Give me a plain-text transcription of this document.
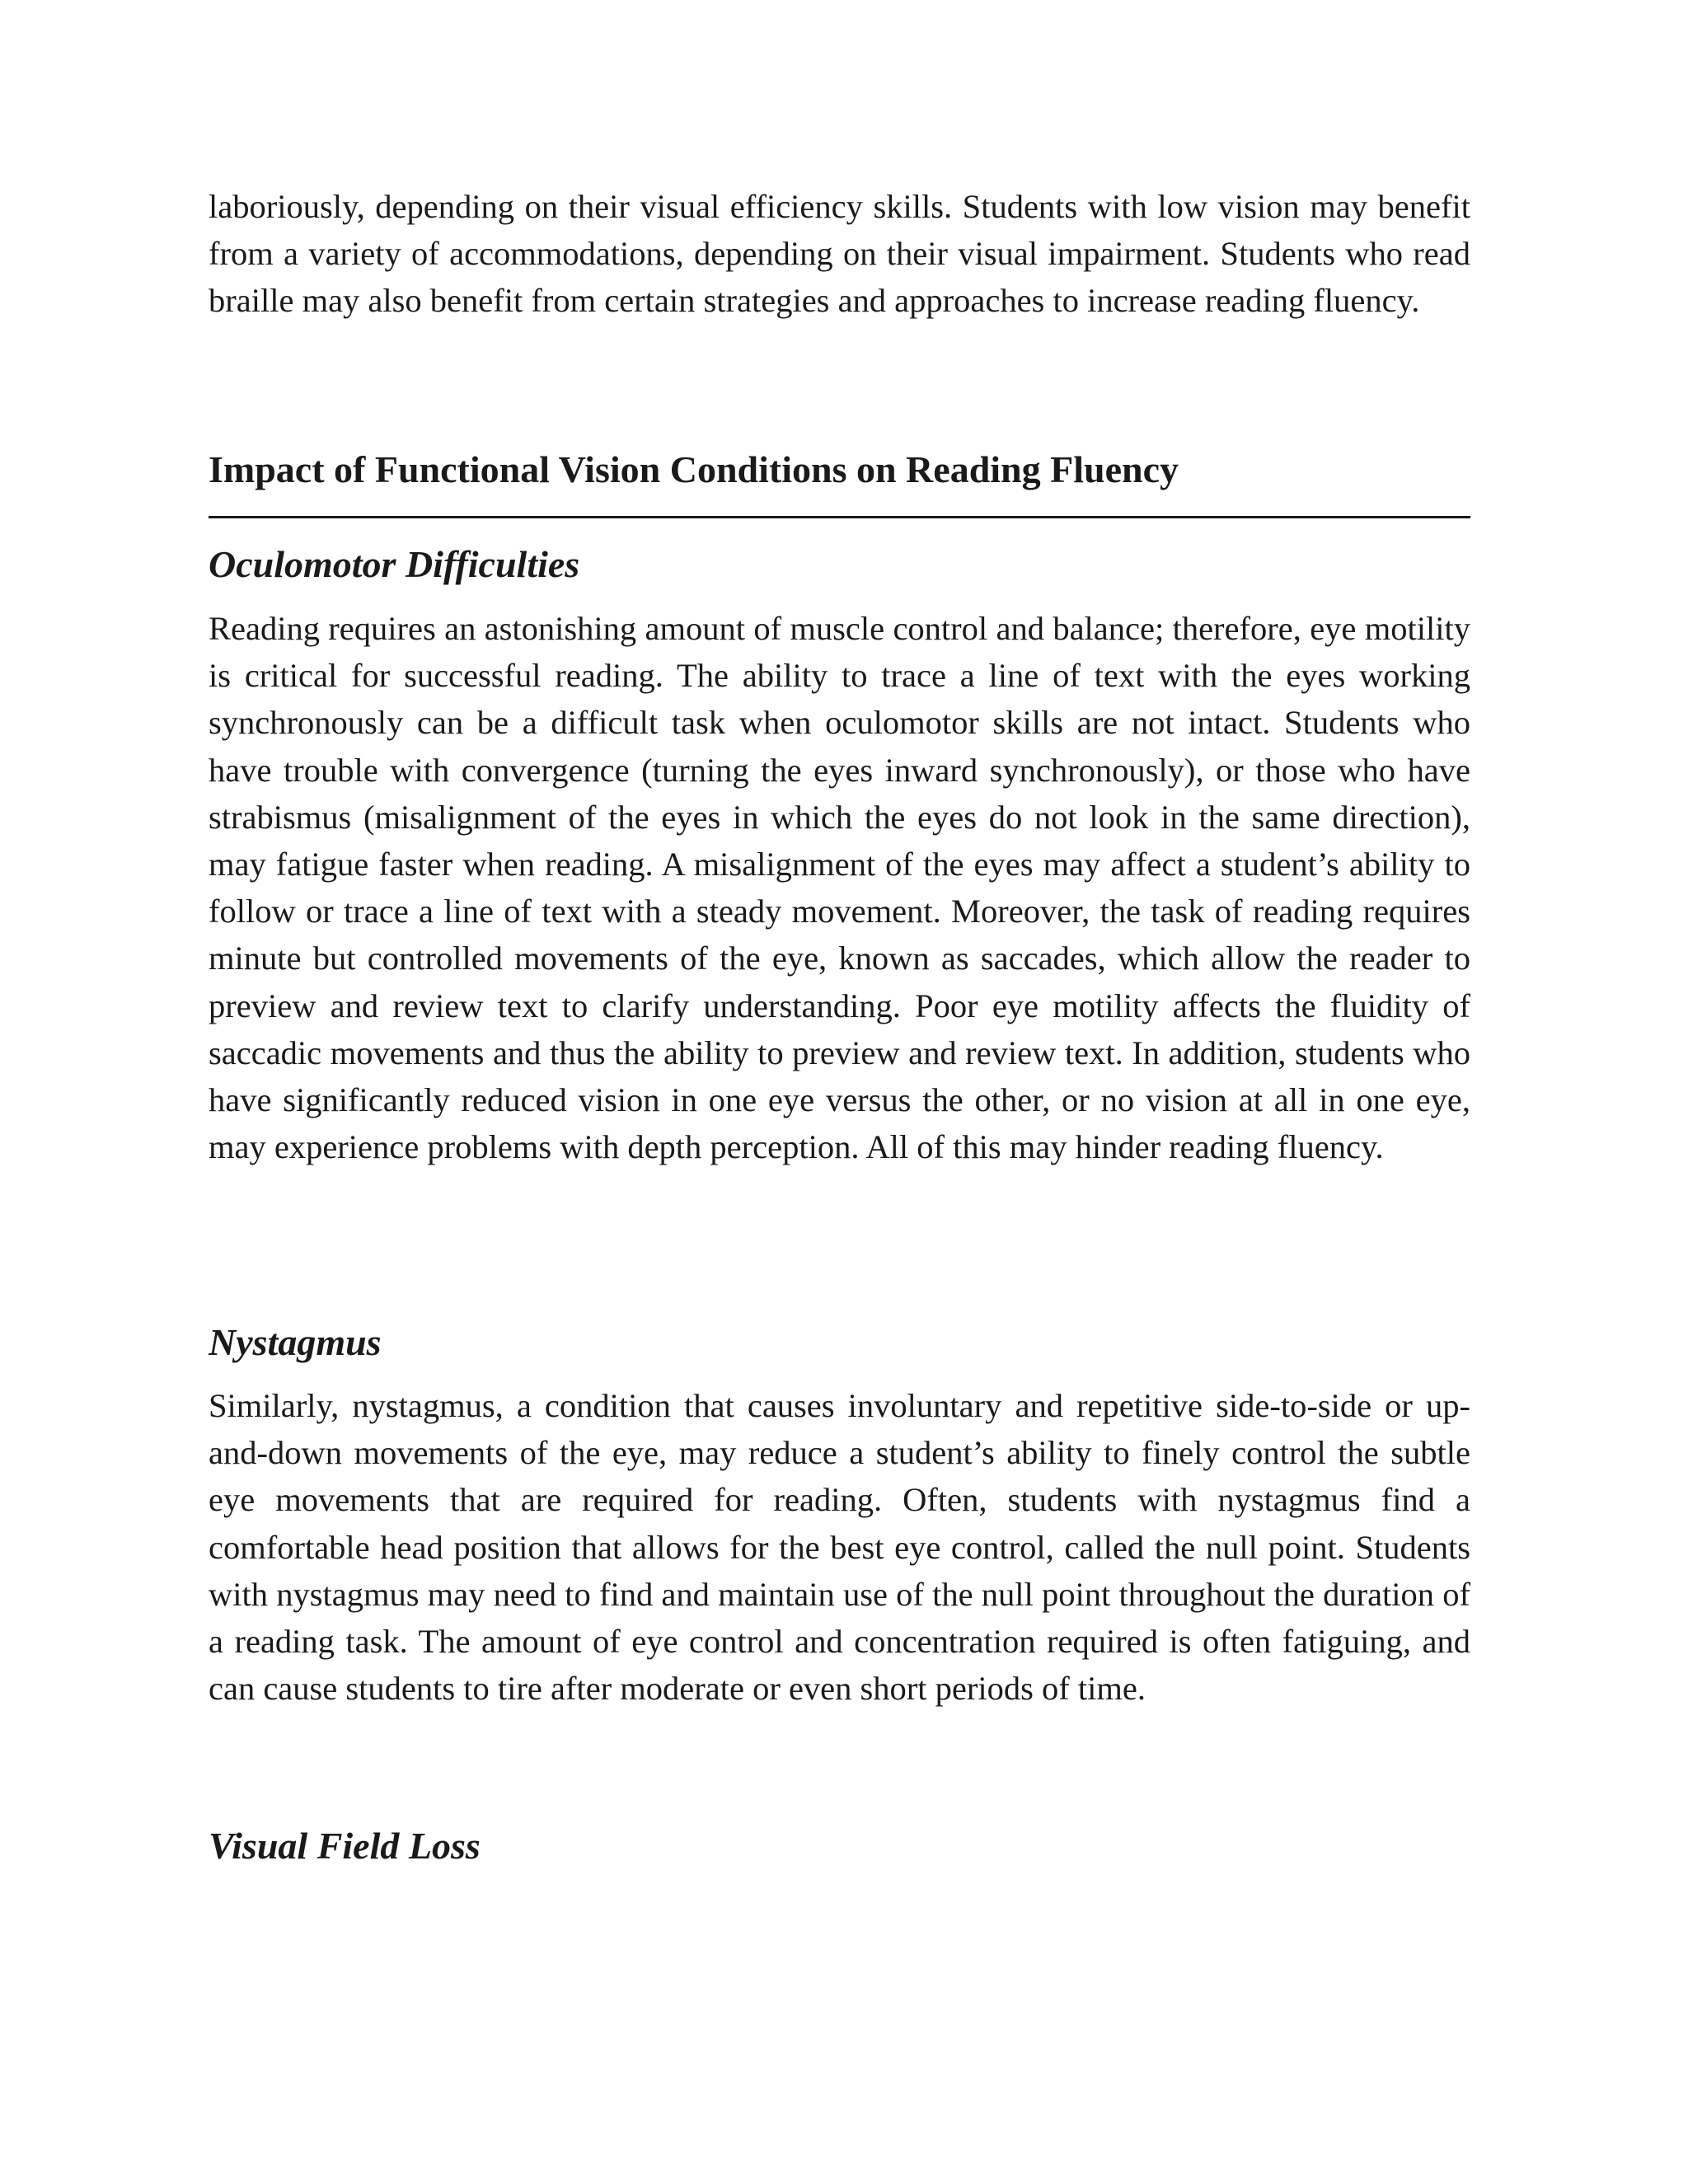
laboriously, depending on their visual efficiency skills. Students with low vision may benefit from a variety of accommodations, depending on their visual impairment. Students who read braille may also benefit from certain strategies and approaches to increase reading fluency.

Impact of Functional Vision Conditions on Reading Fluency
Oculomotor Difficulties

Reading requires an astonishing amount of muscle control and balance; therefore, eye motility is critical for successful reading. The ability to trace a line of text with the eyes working synchronously can be a difficult task when oculomotor skills are not intact. Students who have trouble with convergence (turning the eyes inward synchronously), or those who have strabismus (misalignment of the eyes in which the eyes do not look in the same direction), may fatigue faster when reading. A misalignment of the eyes may affect a student’s ability to follow or trace a line of text with a steady movement. Moreover, the task of reading requires minute but controlled movements of the eye, known as saccades, which allow the reader to preview and review text to clarify understanding. Poor eye motility affects the fluidity of saccadic movements and thus the ability to preview and review text. In addition, students who have significantly reduced vision in one eye versus the other, or no vision at all in one eye, may experience problems with depth perception. All of this may hinder reading fluency.

Nystagmus

Similarly, nystagmus, a condition that causes involuntary and repetitive side-to-side or up-and-down movements of the eye, may reduce a student’s ability to finely control the subtle eye movements that are required for reading. Often, students with nystagmus find a comfortable head position that allows for the best eye control, called the null point. Students with nystagmus may need to find and maintain use of the null point throughout the duration of a reading task. The amount of eye control and concentration required is often fatiguing, and can cause students to tire after moderate or even short periods of time.

Visual Field Loss
